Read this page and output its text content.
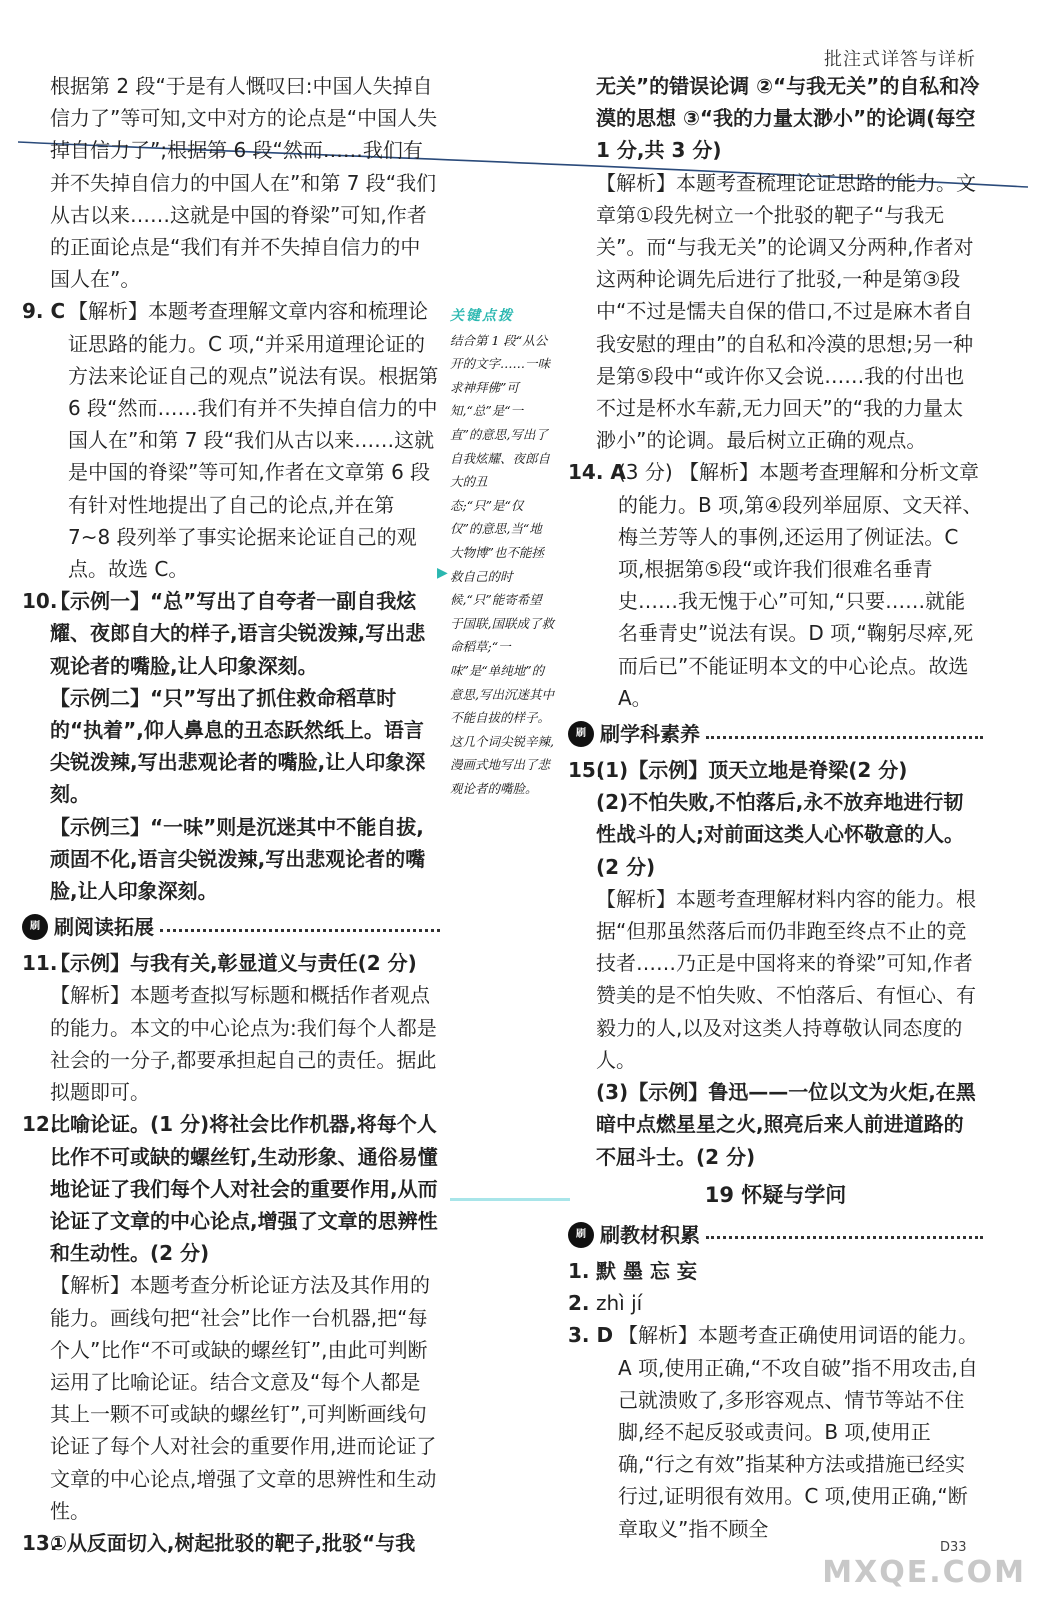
批注式详答与详析

根据第 2 段“于是有人慨叹曰:中国人失掉自信力了”等可知,文中对方的论点是“中国人失掉自信力了”;根据第 6 段“然而……我们有并不失掉自信力的中国人在”和第 7 段“我们从古以来……这就是中国的脊梁”可知,作者的正面论点是“我们有并不失掉自信力的中国人在”。

9. C 【解析】本题考查理解文章内容和梳理论证思路的能力。C 项,“并采用道理论证的方法来论证自己的观点”说法有误。根据第 6 段“然而……我们有并不失掉自信力的中国人在”和第 7 段“我们从古以来……这就是中国的脊梁”等可知,作者在文章第 6 段有针对性地提出了自己的论点,并在第 7~8 段列举了事实论据来论证自己的观点。故选 C。

10.

【示例一】“总”写出了自夸者一副自我炫耀、夜郎自大的样子,语言尖锐泼辣,写出悲观论者的嘴脸,让人印象深刻。

【示例二】“只”写出了抓住救命稻草时的“执着”,仰人鼻息的丑态跃然纸上。语言尖锐泼辣,写出悲观论者的嘴脸,让人印象深刻。

【示例三】“一味”则是沉迷其中不能自拔,顽固不化,语言尖锐泼辣,写出悲观论者的嘴脸,让人印象深刻。

刷 刷阅读拓展
11.

【示例】与我有关,彰显道义与责任(2 分)

【解析】本题考查拟写标题和概括作者观点的能力。本文的中心论点为:我们每个人都是社会的一分子,都要承担起自己的责任。据此拟题即可。

12.

比喻论证。(1 分)将社会比作机器,将每个人比作不可或缺的螺丝钉,生动形象、通俗易懂地论证了我们每个人对社会的重要作用,从而论证了文章的中心论点,增强了文章的思辨性和生动性。(2 分)

【解析】本题考查分析论证方法及其作用的能力。画线句把“社会”比作一台机器,把“每个人”比作“不可或缺的螺丝钉”,由此可判断运用了比喻论证。结合文意及“每个人都是其上一颗不可或缺的螺丝钉”,可判断画线句论证了每个人对社会的重要作用,进而论证了文章的中心论点,增强了文章的思辨性和生动性。

13.

①从反面切入,树起批驳的靶子,批驳“与我

▶
关键点拨
结合第 1 段“从公开的文字……一味求神拜佛”可知,“总”是“一直”的意思,写出了自我炫耀、夜郎自大的丑态;“只”是“仅仅”的意思,当“地大物博”也不能拯救自己的时候,“只”能寄希望于国联,国联成了救命稻草;“一味”是“单纯地”的意思,写出沉迷其中不能自拔的样子。这几个词尖锐辛辣,漫画式地写出了悲观论者的嘴脸。

无关”的错误论调 ②“与我无关”的自私和冷漠的思想 ③“我的力量太渺小”的论调(每空 1 分,共 3 分)

【解析】本题考查梳理论证思路的能力。文章第①段先树立一个批驳的靶子“与我无关”。而“与我无关”的论调又分两种,作者对这两种论调先后进行了批驳,一种是第③段中“不过是懦夫自保的借口,不过是麻木者自我安慰的理由”的自私和冷漠的思想;另一种是第⑤段中“或许你又会说……我的付出也不过是杯水车薪,无力回天”的“我的力量太渺小”的论调。最后树立正确的观点。

14. A

(3 分) 【解析】本题考查理解和分析文章的能力。B 项,第④段列举屈原、文天祥、梅兰芳等人的事例,还运用了例证法。C 项,根据第⑤段“或许我们很难名垂青史……我无愧于心”可知,“只要……就能名垂青史”说法有误。D 项,“鞠躬尽瘁,死而后已”不能证明本文的中心论点。故选 A。

刷 刷学科素养
15.

(1)【示例】顶天立地是脊梁(2 分)

(2)不怕失败,不怕落后,永不放弃地进行韧性战斗的人;对前面这类人心怀敬意的人。(2 分)

【解析】本题考查理解材料内容的能力。根据“但那虽然落后而仍非跑至终点不止的竞技者……乃正是中国将来的脊梁”可知,作者赞美的是不怕失败、不怕落后、有恒心、有毅力的人,以及对这类人持尊敬认同态度的人。

(3)【示例】鲁迅——一位以文为火炬,在黑暗中点燃星星之火,照亮后来人前进道路的不屈斗士。(2 分)

19 怀疑与学问
刷 刷教材积累
1. 默 墨 忘 妄
2. zhì jí
3. D 【解析】本题考查正确使用词语的能力。A 项,使用正确,“不攻自破”指不用攻击,自己就溃败了,多形容观点、情节等站不住脚,经不起反驳或责问。B 项,使用正确,“行之有效”指某种方法或措施已经实行过,证明很有效用。C 项,使用正确,“断章取义”指不顾全

D33
MXQE.COM
